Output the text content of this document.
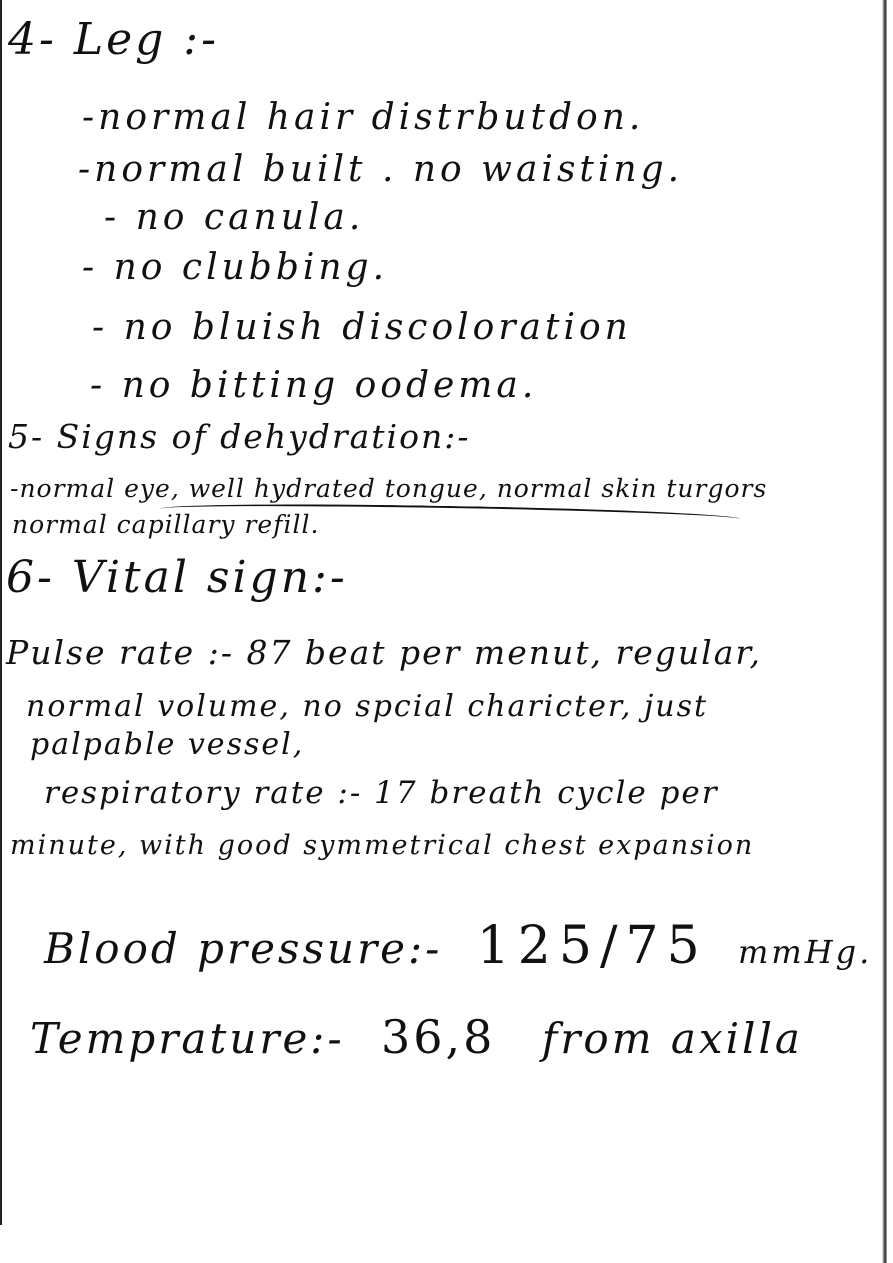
4- Leg :-
-normal hair distrbutdon.
-normal built . no waisting.
- no canula.
- no clubbing.
- no bluish discoloration
- no bitting oodema.
5- Signs of dehydration:-
-normal eye, well hydrated tongue, normal skin turgors
normal capillary refill.
6- Vital sign:-
Pulse rate :- 87 beat per menut, regular,
normal volume, no spcial charicter, just
palpable vessel,
respiratory rate :- 17 breath cycle per
minute, with good symmetrical chest expansion
Blood pressure:- 125/75 mmHg.
Temprature:- 36,8 from axilla
